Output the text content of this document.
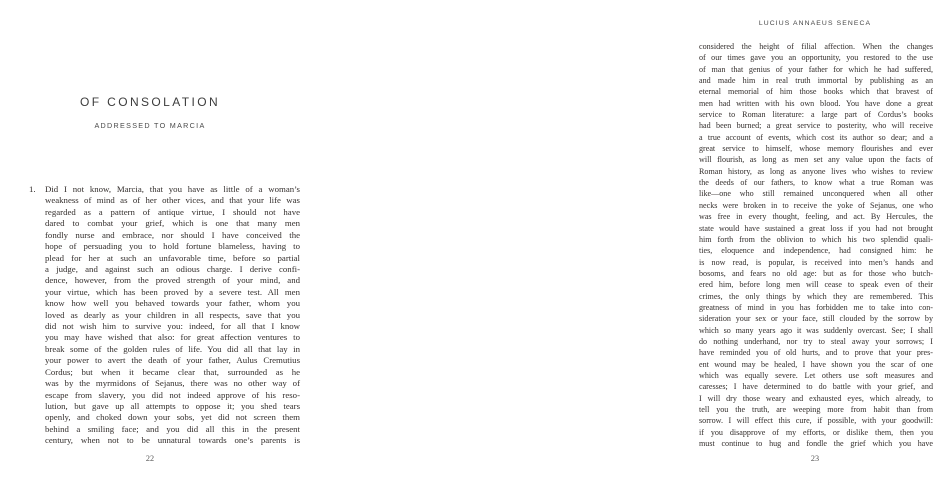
OF CONSOLATION
ADDRESSED TO MARCIA
1. Did I not know, Marcia, that you have as little of a woman’s
weakness of mind as of her other vices, and that your life was
regarded as a pattern of antique virtue, I should not have
dared to combat your grief, which is one that many men
fondly nurse and embrace, nor should I have conceived the
hope of persuading you to hold fortune blameless, having to
plead for her at such an unfavorable time, before so partial
a judge, and against such an odious charge. I derive confi-
dence, however, from the proved strength of your mind, and
your virtue, which has been proved by a severe test. All men
know how well you behaved towards your father, whom you
loved as dearly as your children in all respects, save that you
did not wish him to survive you: indeed, for all that I know
you may have wished that also: for great affection ventures to
break some of the golden rules of life. You did all that lay in
your power to avert the death of your father, Aulus Cremutius
Cordus; but when it became clear that, surrounded as he
was by the myrmidons of Sejanus, there was no other way of
escape from slavery, you did not indeed approve of his reso-
lution, but gave up all attempts to oppose it; you shed tears
openly, and choked down your sobs, yet did not screen them
behind a smiling face; and you did all this in the present
century, when not to be unnatural towards one’s parents is
22
LUCIUS ANNAEUS SENECA
considered the height of filial affection. When the changes
of our times gave you an opportunity, you restored to the use
of man that genius of your father for which he had suffered,
and made him in real truth immortal by publishing as an
eternal memorial of him those books which that bravest of
men had written with his own blood. You have done a great
service to Roman literature: a large part of Cordus’s books
had been burned; a great service to posterity, who will receive
a true account of events, which cost its author so dear; and a
great service to himself, whose memory flourishes and ever
will flourish, as long as men set any value upon the facts of
Roman history, as long as anyone lives who wishes to review
the deeds of our fathers, to know what a true Roman was
like—one who still remained unconquered when all other
necks were broken in to receive the yoke of Sejanus, one who
was free in every thought, feeling, and act. By Hercules, the
state would have sustained a great loss if you had not brought
him forth from the oblivion to which his two splendid quali-
ties, eloquence and independence, had consigned him: he
is now read, is popular, is received into men’s hands and
bosoms, and fears no old age: but as for those who butch-
ered him, before long men will cease to speak even of their
crimes, the only things by which they are remembered. This
greatness of mind in you has forbidden me to take into con-
sideration your sex or your face, still clouded by the sorrow by
which so many years ago it was suddenly overcast. See; I shall
do nothing underhand, nor try to steal away your sorrows; I
have reminded you of old hurts, and to prove that your pres-
ent wound may be healed, I have shown you the scar of one
which was equally severe. Let others use soft measures and
caresses; I have determined to do battle with your grief, and
I will dry those weary and exhausted eyes, which already, to
tell you the truth, are weeping more from habit than from
sorrow. I will effect this cure, if possible, with your goodwill:
if you disapprove of my efforts, or dislike them, then you
must continue to hug and fondle the grief which you have
23
